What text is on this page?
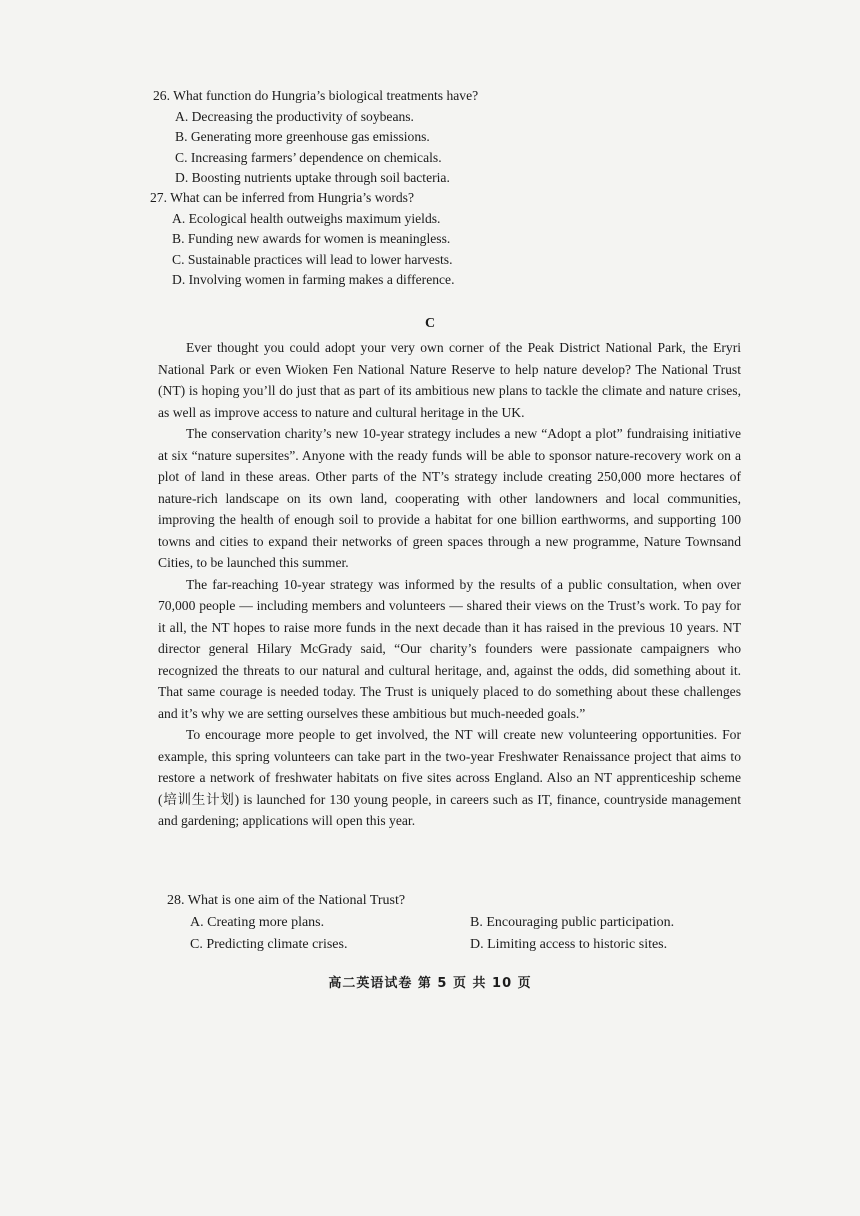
26. What function do Hungria’s biological treatments have?
A. Decreasing the productivity of soybeans.
B. Generating more greenhouse gas emissions.
C. Increasing farmers’ dependence on chemicals.
D. Boosting nutrients uptake through soil bacteria.
27. What can be inferred from Hungria’s words?
A. Ecological health outweighs maximum yields.
B. Funding new awards for women is meaningless.
C. Sustainable practices will lead to lower harvests.
D. Involving women in farming makes a difference.
C

Ever thought you could adopt your very own corner of the Peak District National Park, the Eryri National Park or even Wioken Fen National Nature Reserve to help nature develop? The National Trust (NT) is hoping you’ll do just that as part of its ambitious new plans to tackle the climate and nature crises, as well as improve access to nature and cultural heritage in the UK.

The conservation charity’s new 10-year strategy includes a new “Adopt a plot” fundraising initiative at six “nature supersites”. Anyone with the ready funds will be able to sponsor nature-recovery work on a plot of land in these areas. Other parts of the NT’s strategy include creating 250,000 more hectares of nature-rich landscape on its own land, cooperating with other landowners and local communities, improving the health of enough soil to provide a habitat for one billion earthworms, and supporting 100 towns and cities to expand their networks of green spaces through a new programme, Nature Townsand Cities, to be launched this summer.

The far-reaching 10-year strategy was informed by the results of a public consultation, when over 70,000 people — including members and volunteers — shared their views on the Trust’s work. To pay for it all, the NT hopes to raise more funds in the next decade than it has raised in the previous 10 years. NT director general Hilary McGrady said, “Our charity’s founders were passionate campaigners who recognized the threats to our natural and cultural heritage, and, against the odds, did something about it. That same courage is needed today. The Trust is uniquely placed to do something about these challenges and it’s why we are setting ourselves these ambitious but much-needed goals.”

To encourage more people to get involved, the NT will create new volunteering opportunities. For example, this spring volunteers can take part in the two-year Freshwater Renaissance project that aims to restore a network of freshwater habitats on five sites across England. Also an NT apprenticeship scheme (培训生计划) is launched for 130 young people, in careers such as IT, finance, countryside management and gardening; applications will open this year.

28. What is one aim of the National Trust?
A. Creating more plans.	B. Encouraging public participation.
C. Predicting climate crises.	D. Limiting access to historic sites.
高二英语试卷 第 5 页 共 10 页
